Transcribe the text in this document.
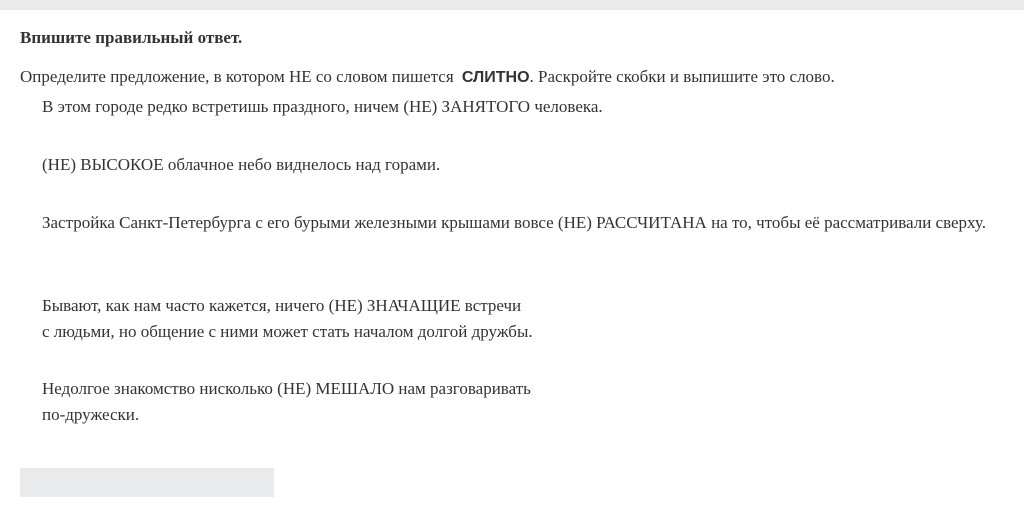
Впишите правильный ответ.
Определите предложение, в котором НЕ со словом пишется СЛИТНО. Раскройте скобки и выпишите это слово.
В этом городе редко встретишь праздного, ничем (НЕ) ЗАНЯТОГО человека.
(НЕ) ВЫСОКОЕ облачное небо виднелось над горами.
Застройка Санкт-Петербурга с его бурыми железными крышами вовсе (НЕ) РАССЧИТАНА на то, чтобы её рассматривали сверху.
Бывают, как нам часто кажется, ничего (НЕ) ЗНАЧАЩИЕ встречи
с людьми, но общение с ними может стать началом долгой дружбы.
Недолгое знакомство нисколько (НЕ) МЕШАЛО нам разговаривать
по-дружески.
